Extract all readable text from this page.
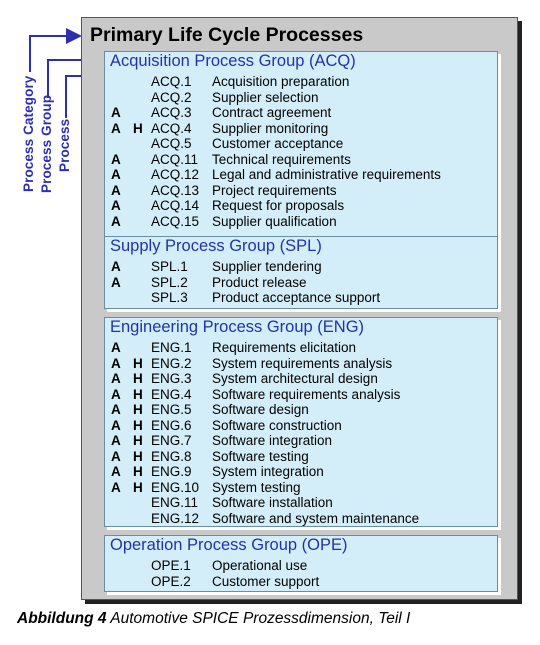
Process Category Process Group Process
Primary Life Cycle Processes
Acquisition Process Group (ACQ)
ACQ.1 Acquisition preparation
ACQ.2 Supplier selection
A ACQ.3 Contract agreement
A H ACQ.4 Supplier monitoring
ACQ.5 Customer acceptance
A ACQ.11 Technical requirements
A ACQ.12 Legal and administrative requirements
A ACQ.13 Project requirements
A ACQ.14 Request for proposals
A ACQ.15 Supplier qualification
Supply Process Group (SPL)
A SPL.1 Supplier tendering
A SPL.2 Product release
SPL.3 Product acceptance support
Engineering Process Group (ENG)
A ENG.1 Requirements elicitation
A H ENG.2 System requirements analysis
A H ENG.3 System architectural design
A H ENG.4 Software requirements analysis
A H ENG.5 Software design
A H ENG.6 Software construction
A H ENG.7 Software integration
A H ENG.8 Software testing
A H ENG.9 System integration
A H ENG.10 System testing
ENG.11 Software installation
ENG.12 Software and system maintenance
Operation Process Group (OPE)
OPE.1 Operational use
OPE.2 Customer support
Abbildung 4 Automotive SPICE Prozessdimension, Teil I
